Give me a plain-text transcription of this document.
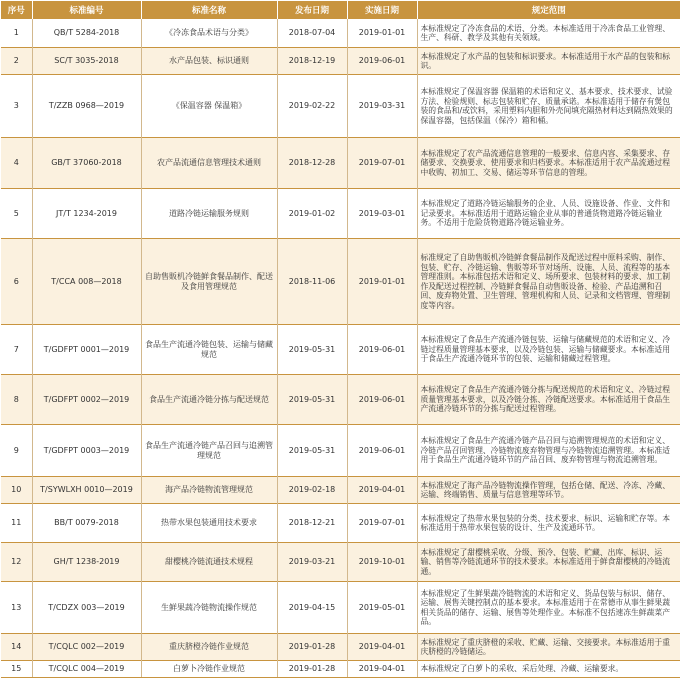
序号	标准编号	标准名称	发布日期	实施日期	规定范围
1	QB/T 5284-2018	《冷冻食品术语与分类》	2018-07-04	2019-01-01	本标准规定了冷冻食品的术语、分类。本标准适用于冷冻食品工业管理、生产、科研、教学及其他有关领域。
2	SC/T 3035-2018	水产品包装、标识通则	2018-12-19	2019-06-01	本标准规定了水产品的包装和标识要求。本标准适用于水产品的包装和标识。
3	T/ZZB 0968—2019	《保温容器 保温箱》	2019-02-22	2019-03-31	本标准规定了保温容器 保温箱的术语和定义、基本要求、技术要求、试验方法、检验规则、标志包装和贮存、质量承诺。本标准适用于储存有煲包装的食品和/或饮料，采用塑料内胆和外壳间填充隔热材料达到隔热效果的保温容器，包括保温（保冷）箱和桶。
4	GB/T 37060-2018	农产品流通信息管理技术通则	2018-12-28	2019-07-01	本标准规定了农产品流通信息管理的一般要求、信息内容、采集要求、存储要求、交换要求、使用要求和归档要求。本标准适用于农产品流通过程中收购、初加工、交易、储运等环节信息的管理。
5	JT/T 1234-2019	道路冷链运输服务规则	2019-01-02	2019-03-01	本标准规定了道路冷链运输服务的企业、人员、设施设备、作业、文件和记录要求。本标准适用于道路运输企业从事的普通货物道路冷链运输业务。不适用于危险货物道路冷链运输业务。
6	T/CCA 008—2018	自助售販机冷链鲜食餐品制作、配送及食用管理规范	2018-11-06	2019-01-01	标准规定了自助售販机冷链鲜食餐品制作及配送过程中原料采购、制作、包装、贮存、冷链运输、售販等环节对场所、设施、人员、流程等的基本管理准则。本标准包括术语和定义、场所要求、包装材料的要求、加工制作及配送过程控制、冷链鲜食餐品自动售販设备、检验、产品追溯和召回、废弃物处置、卫生管理、管理机构和人员、记录和文档管理、管理制度等内容。
7	T/GDFPT 0001—2019	食品生产流通冷链包装、运输与储藏规范	2019-05-31	2019-06-01	本标准规定了食品生产流通冷链包装、运输与储藏规范的术语和定义、冷链过程质量管理基本要求，以及冷链包装、运输与储藏要求。本标准适用于食品生产流通冷链环节的包装、运输和储藏过程管理。
8	T/GDFPT 0002—2019	食品生产流通冷链分拣与配送规范	2019-05-31	2019-06-01	本标准规定了食品生产流通冷链分拣与配送规范的术语和定义、冷链过程质量管理基本要求，以及冷链分拣、冷链配送要求。本标准适用于食品生产流通冷链环节的分拣与配送过程管理。
9	T/GDFPT 0003—2019	食品生产流通冷链产品召回与追溯管理规范	2019-05-31	2019-06-01	本标准规定了食品生产流通冷链产品召回与追溯管理规范的术语和定义、冷链产品召回管理、冷链物流废弃物管理与冷链物流追溯管理。本标准适用于食品生产流通冷链环节的产品召回、废弃物管理与物流追溯管理。
10	T/SYWLXH 0010—2019	海产品冷链物流管理规范	2019-02-18	2019-04-01	本标准规定了海产品冷链物流操作管理，包括仓储、配送、冷冻、冷藏、运输、终端销售、质量与信息管理等环节。
11	BB/T 0079-2018	热带水果包装通用技术要求	2018-12-21	2019-07-01	本标准规定了热带水果包装的分类、技术要求、标识、运输和贮存等。本标准适用于热带水果包装的设计、生产及流通环节。
12	GH/T 1238-2019	甜樱桃冷链流通技术规程	2019-03-21	2019-10-01	本标准规定了甜樱桃采收、分级、预冷、包装、贮藏、出库、标识、运输、销售等冷链流通环节的技术要求。本标准适用于鲜食甜樱桃的冷链流通。
13	T/CDZX 003—2019	生鲜果蔬冷链物流操作规范	2019-04-15	2019-05-01	本标准规定了生鲜果蔬冷链物流的术语和定义、货品包装与标识、储存、运输、展售关键控制点的基本要求。本标准适用于在常德市从事生鲜果蔬相关货品的储存、运输、展售等处理作业。本标准不包括速冻生鲜蔬菜产品。
14	T/CQLC 002—2019	重庆脐橙冷链作业规范	2019-01-28	2019-04-01	本标准规定了重庆脐橙的采收、贮藏、运输、交接要求。本标准适用于重庆脐橙的冷链储运。
15	T/CQLC 004—2019	白萝卜冷链作业规范	2019-01-28	2019-04-01	本标准规定了白萝卜的采收、采后处理、冷藏、运输要求。
